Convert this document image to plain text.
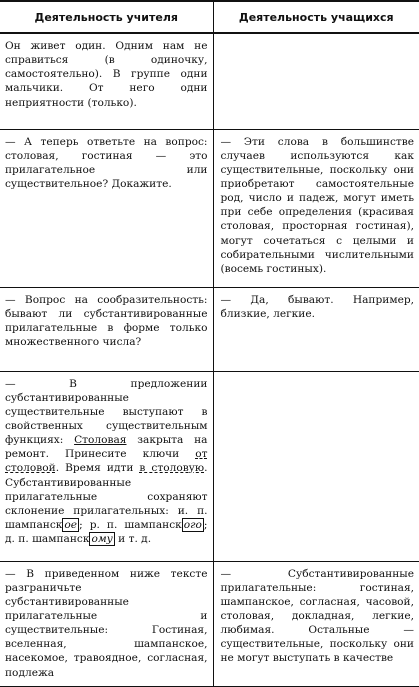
Деятельность учителя	Деятельность учащихся
Он живет один. Одним нам не справиться (в одиночку, самостоятельно). В группе одни мальчики. От него одни неприятности (только).	
— А теперь ответьте на вопрос: столовая, гостиная — это прилагательное или существительное? Докажите.	— Эти слова в большинстве случаев используются как существительные, поскольку они приобретают самостоятельные род, число и падеж, могут иметь при себе определения (красивая столовая, просторная гостиная), могут сочетаться с целыми и собирательными числительными (восемь гостиных).
— Вопрос на сообразительность: бывают ли субстантивированные прилагательные в форме только множественного числа?	— Да, бывают. Например, близкие, легкие.
— В предложении субстантивированные существительные выступают в свойственных существительным функциях: Столовая закрыта на ремонт. Принесите ключи от столовой. Время идти в столовую. Субстантивированные прилагательные сохраняют склонение прилагательных: и. п. шампанск ое ; р. п. шампанск ого ; д. п. шампанск ому и т. д.	
— В приведенном ниже тексте разграничьте субстантивированные прилагательные и существительные: Гостиная, вселенная, шампанское, насекомое, травоядное, согласная, подлежа	— Субстантивированные прилагательные: гостиная, шампанское, согласная, часовой, столовая, докладная, легкие, любимая. Остальные — существительные, поскольку они не могут выступать в качестве
